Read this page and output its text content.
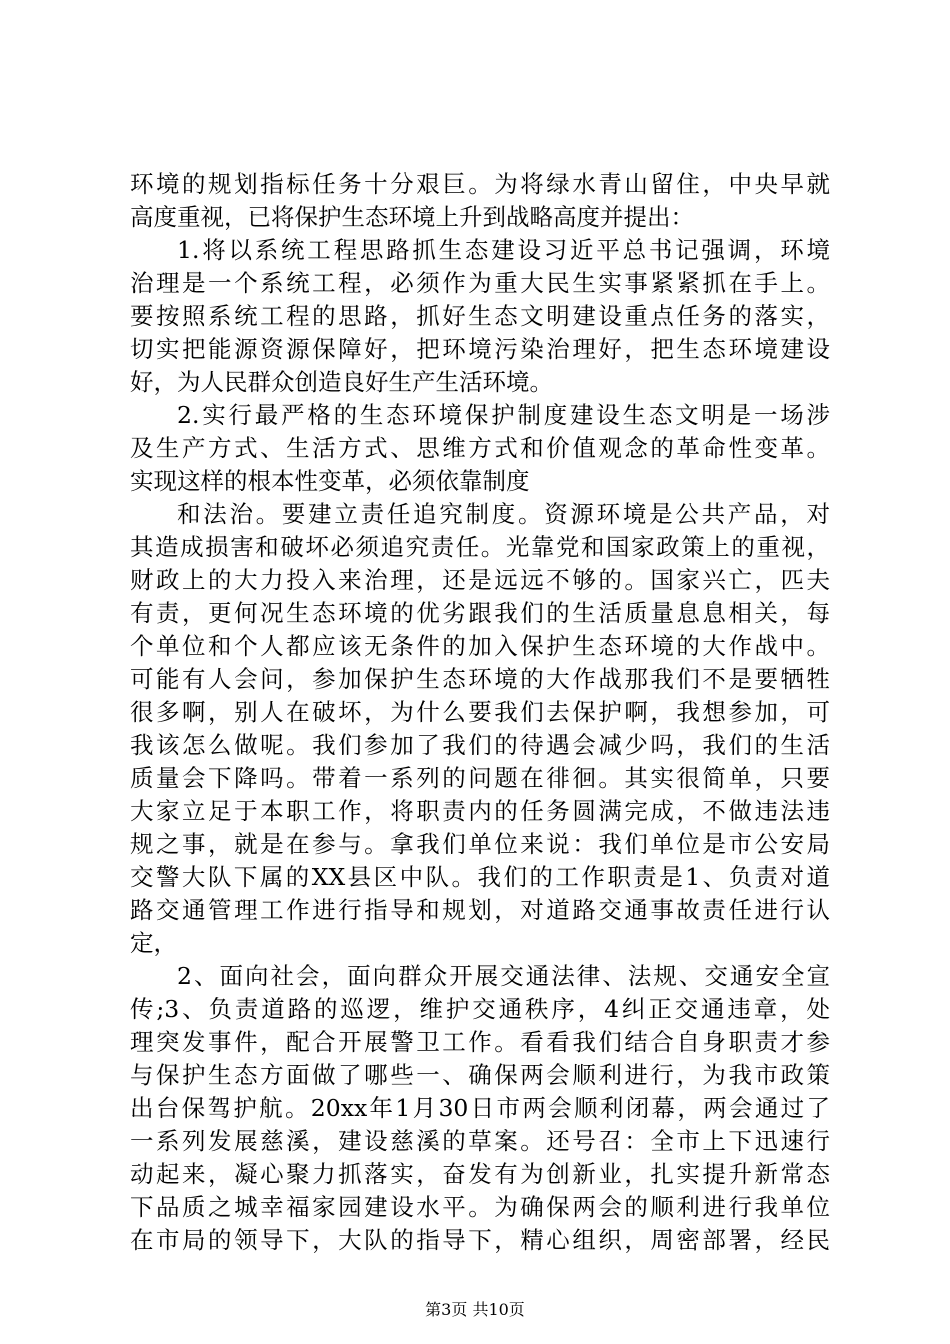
环境的规划指标任务十分艰巨。为将绿水青山留住，中央早就
高度重视，已将保护生态环境上升到战略高度并提出：
1.将以系统工程思路抓生态建设习近平总书记强调，环境
治理是一个系统工程，必须作为重大民生实事紧紧抓在手上。
要按照系统工程的思路，抓好生态文明建设重点任务的落实，
切实把能源资源保障好，把环境污染治理好，把生态环境建设
好，为人民群众创造良好生产生活环境。
2.实行最严格的生态环境保护制度建设生态文明是一场涉
及生产方式、生活方式、思维方式和价值观念的革命性变革。
实现这样的根本性变革，必须依靠制度
和法治。要建立责任追究制度。资源环境是公共产品，对
其造成损害和破坏必须追究责任。光靠党和国家政策上的重视，
财政上的大力投入来治理，还是远远不够的。国家兴亡，匹夫
有责，更何况生态环境的优劣跟我们的生活质量息息相关，每
个单位和个人都应该无条件的加入保护生态环境的大作战中。
可能有人会问，参加保护生态环境的大作战那我们不是要牺牲
很多啊，别人在破坏，为什么要我们去保护啊，我想参加，可
我该怎么做呢。我们参加了我们的待遇会减少吗，我们的生活
质量会下降吗。带着一系列的问题在徘徊。其实很简单，只要
大家立足于本职工作，将职责内的任务圆满完成，不做违法违
规之事，就是在参与。拿我们单位来说：我们单位是市公安局
交警大队下属的XX县区中队。我们的工作职责是1、负责对道
路交通管理工作进行指导和规划，对道路交通事故责任进行认
定，
2、面向社会，面向群众开展交通法律、法规、交通安全宣
传;3、负责道路的巡逻，维护交通秩序，4纠正交通违章，处
理突发事件，配合开展警卫工作。看看我们结合自身职责才参
与保护生态方面做了哪些一、确保两会顺利进行，为我市政策
出台保驾护航。20xx年1月30日市两会顺利闭幕，两会通过了
一系列发展慈溪，建设慈溪的草案。还号召：全市上下迅速行
动起来，凝心聚力抓落实，奋发有为创新业，扎实提升新常态
下品质之城幸福家园建设水平。为确保两会的顺利进行我单位
在市局的领导下，大队的指导下，精心组织，周密部署，经民
第3页 共10页
